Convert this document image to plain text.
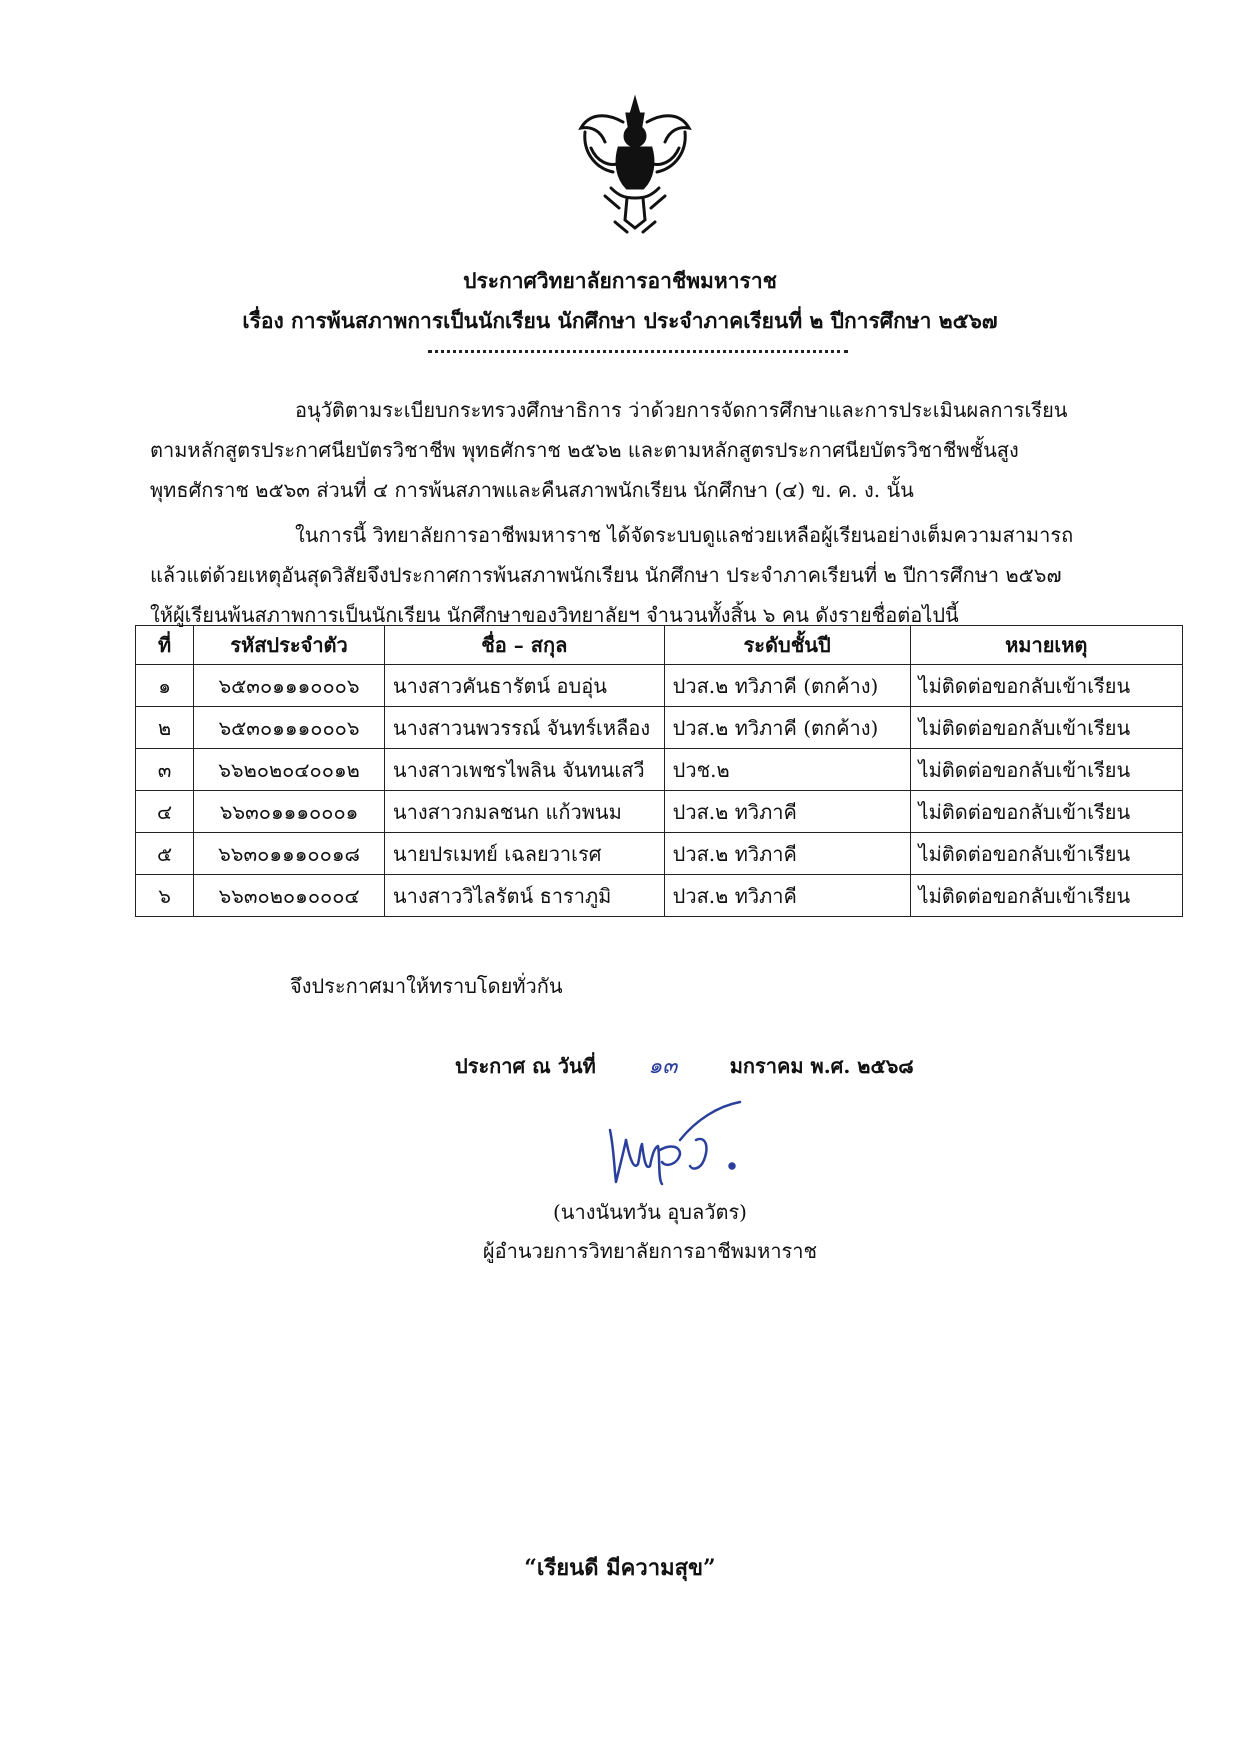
ประกาศวิทยาลัยการอาชีพมหาราช

เรื่อง การพ้นสภาพการเป็นนักเรียน นักศึกษา ประจำภาคเรียนที่ ๒ ปีการศึกษา ๒๕๖๗

อนุวัติตามระเบียบกระทรวงศึกษาธิการ ว่าด้วยการจัดการศึกษาและการประเมินผลการเรียน
ตามหลักสูตรประกาศนียบัตรวิชาชีพ พุทธศักราช ๒๕๖๒ และตามหลักสูตรประกาศนียบัตรวิชาชีพชั้นสูง
พุทธศักราช ๒๕๖๓ ส่วนที่ ๔ การพ้นสภาพและคืนสภาพนักเรียน นักศึกษา (๔) ข. ค. ง. นั้น
ในการนี้ วิทยาลัยการอาชีพมหาราช ได้จัดระบบดูแลช่วยเหลือผู้เรียนอย่างเต็มความสามารถ
แล้วแต่ด้วยเหตุอันสุดวิสัยจึงประกาศการพ้นสภาพนักเรียน นักศึกษา ประจำภาคเรียนที่ ๒ ปีการศึกษา ๒๕๖๗
ให้ผู้เรียนพ้นสภาพการเป็นนักเรียน นักศึกษาของวิทยาลัยฯ จำนวนทั้งสิ้น ๖ คน ดังรายชื่อต่อไปนี้
ที่	รหัสประจำตัว	ชื่อ – สกุล	ระดับชั้นปี	หมายเหตุ
๑	๖๕๓๐๑๑๑๐๐๐๖	นางสาวคันธารัตน์ อบอุ่น	ปวส.๒ ทวิภาคี (ตกค้าง)	ไม่ติดต่อขอกลับเข้าเรียน
๒	๖๕๓๐๑๑๑๐๐๐๖	นางสาวนพวรรณ์ จันทร์เหลือง	ปวส.๒ ทวิภาคี (ตกค้าง)	ไม่ติดต่อขอกลับเข้าเรียน
๓	๖๖๒๐๒๐๔๐๐๑๒	นางสาวเพชรไพลิน จันทนเสวี	ปวช.๒	ไม่ติดต่อขอกลับเข้าเรียน
๔	๖๖๓๐๑๑๑๐๐๐๑	นางสาวกมลชนก แก้วพนม	ปวส.๒ ทวิภาคี	ไม่ติดต่อขอกลับเข้าเรียน
๕	๖๖๓๐๑๑๑๐๐๑๘	นายปรเมทย์ เฉลยวาเรศ	ปวส.๒ ทวิภาคี	ไม่ติดต่อขอกลับเข้าเรียน
๖	๖๖๓๐๒๐๑๐๐๐๔	นางสาววิไลรัตน์ ธาราภูมิ	ปวส.๒ ทวิภาคี	ไม่ติดต่อขอกลับเข้าเรียน

จึงประกาศมาให้ทราบโดยทั่วกัน

ประกาศ ณ วันที่ ๑๓	มกราคม พ.ศ. ๒๕๖๘

(นางนันทวัน อุบลวัตร)

ผู้อำนวยการวิทยาลัยการอาชีพมหาราช

“เรียนดี มีความสุข”
